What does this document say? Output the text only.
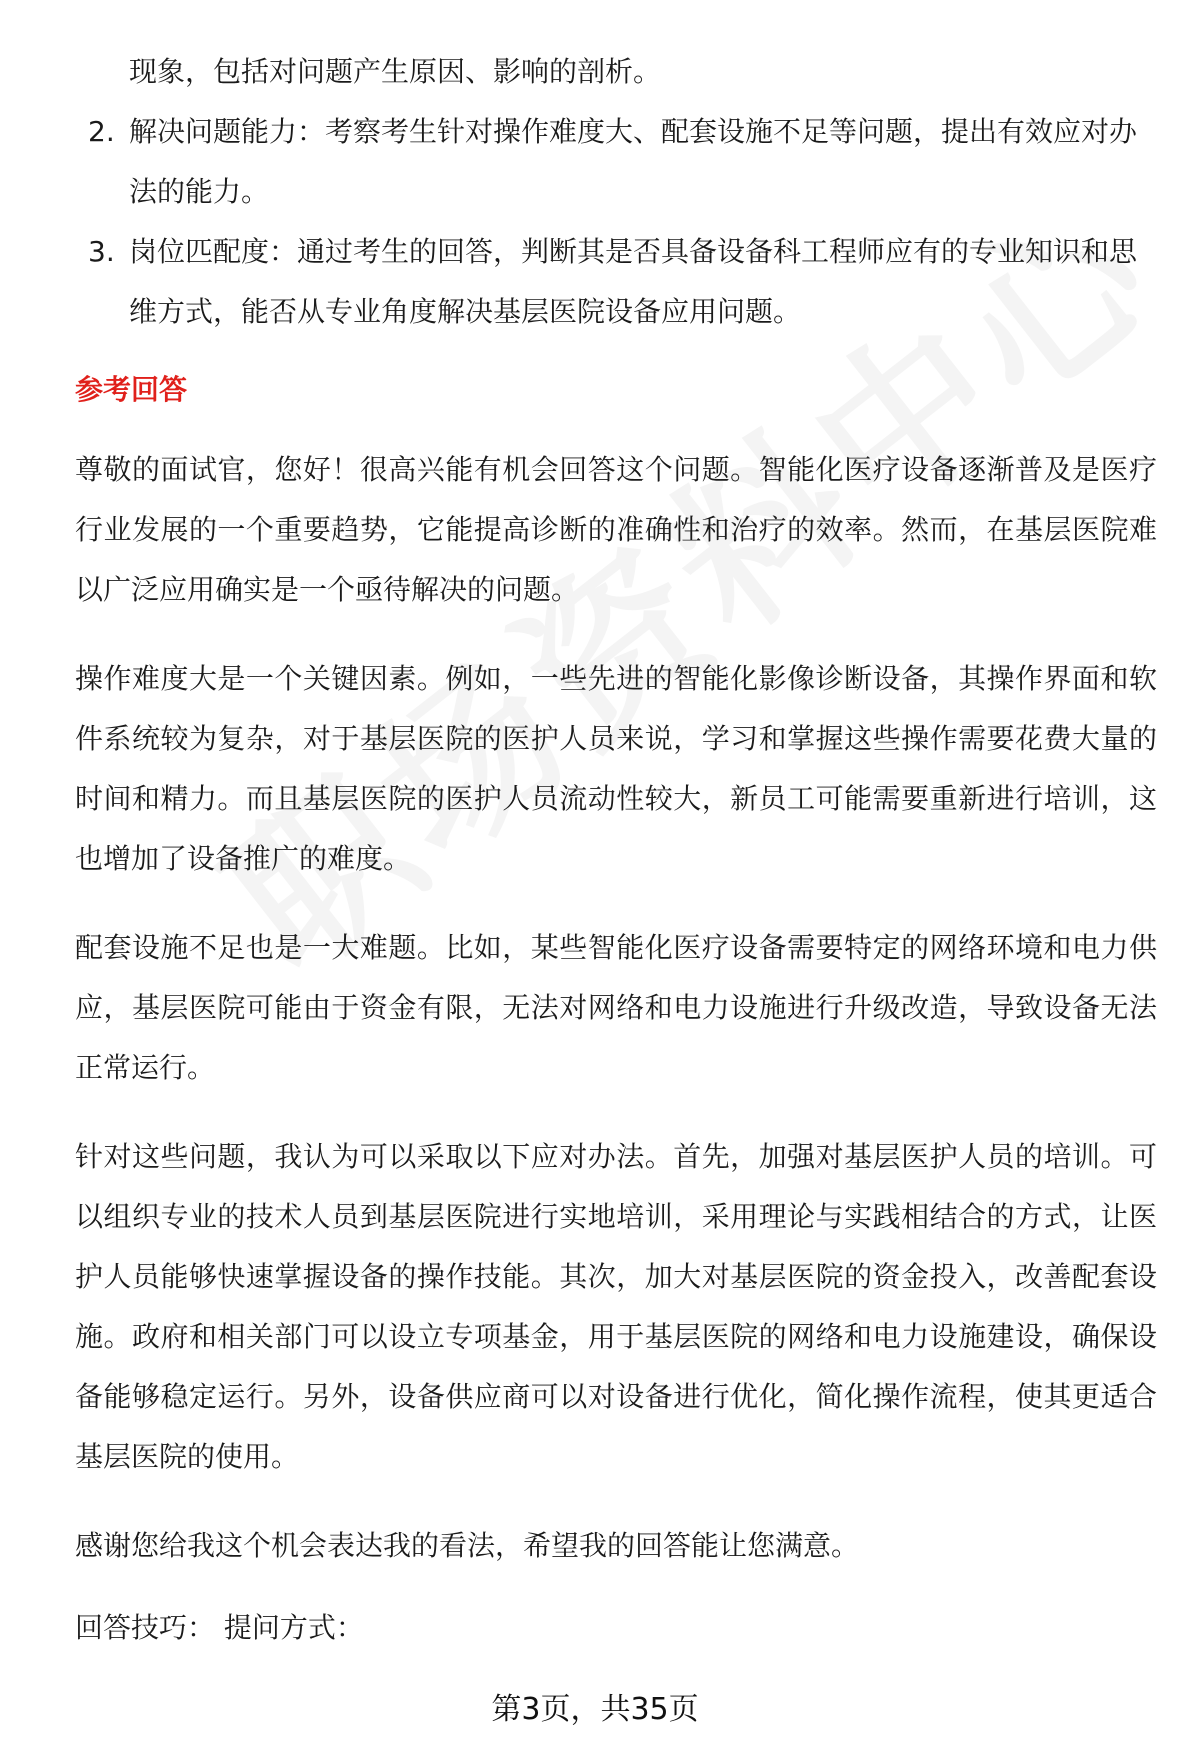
现象，包括对问题产生原因、影响的剖析。
2. 解决问题能力：考察考生针对操作难度大、配套设施不足等问题，提出有效应对办法的能力。
3. 岗位匹配度：通过考生的回答，判断其是否具备设备科工程师应有的专业知识和思维方式，能否从专业角度解决基层医院设备应用问题。
参考回答

尊敬的面试官，您好！很高兴能有机会回答这个问题。智能化医疗设备逐渐普及是医疗行业发展的一个重要趋势，它能提高诊断的准确性和治疗的效率。然而，在基层医院难以广泛应用确实是一个亟待解决的问题。

操作难度大是一个关键因素。例如，一些先进的智能化影像诊断设备，其操作界面和软件系统较为复杂，对于基层医院的医护人员来说，学习和掌握这些操作需要花费大量的时间和精力。而且基层医院的医护人员流动性较大，新员工可能需要重新进行培训，这也增加了设备推广的难度。

配套设施不足也是一大难题。比如，某些智能化医疗设备需要特定的网络环境和电力供应，基层医院可能由于资金有限，无法对网络和电力设施进行升级改造，导致设备无法正常运行。

针对这些问题，我认为可以采取以下应对办法。首先，加强对基层医护人员的培训。可以组织专业的技术人员到基层医院进行实地培训，采用理论与实践相结合的方式，让医护人员能够快速掌握设备的操作技能。其次，加大对基层医院的资金投入，改善配套设施。政府和相关部门可以设立专项基金，用于基层医院的网络和电力设施建设，确保设备能够稳定运行。另外，设备供应商可以对设备进行优化，简化操作流程，使其更适合基层医院的使用。

感谢您给我这个机会表达我的看法，希望我的回答能让您满意。

回答技巧： 提问方式：
第3页，共35页
